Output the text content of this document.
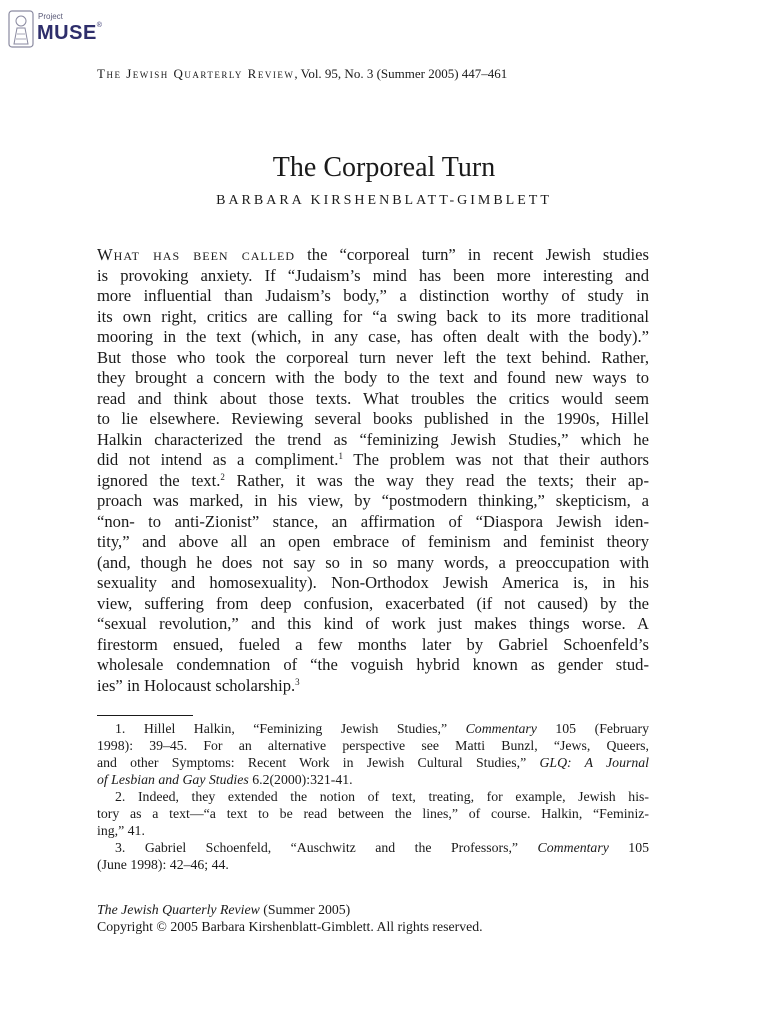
Project
MUSE®
The Jewish Quarterly Review, Vol. 95, No. 3 (Summer 2005) 447–461
The Corporeal Turn
BARBARA KIRSHENBLATT-GIMBLETT
What has been called the “corporeal turn” in recent Jewish studies
is provoking anxiety. If “Judaism’s mind has been more interesting and
more influential than Judaism’s body,” a distinction worthy of study in
its own right, critics are calling for “a swing back to its more traditional
mooring in the text (which, in any case, has often dealt with the body).”
But those who took the corporeal turn never left the text behind. Rather,
they brought a concern with the body to the text and found new ways to
read and think about those texts. What troubles the critics would seem
to lie elsewhere. Reviewing several books published in the 1990s, Hillel
Halkin characterized the trend as “feminizing Jewish Studies,” which he
did not intend as a compliment.$^1$ The problem was not that their authors
ignored the text.$^2$ Rather, it was the way they read the texts; their ap-
proach was marked, in his view, by “postmodern thinking,” skepticism, a
“non- to anti-Zionist” stance, an affirmation of “Diaspora Jewish iden-
tity,” and above all an open embrace of feminism and feminist theory
(and, though he does not say so in so many words, a preoccupation with
sexuality and homosexuality). Non-Orthodox Jewish America is, in his
view, suffering from deep confusion, exacerbated (if not caused) by the
“sexual revolution,” and this kind of work just makes things worse. A
firestorm ensued, fueled a few months later by Gabriel Schoenfeld’s
wholesale condemnation of “the voguish hybrid known as gender stud-
ies” in Holocaust scholarship.$^3$
1. Hillel Halkin, “Feminizing Jewish Studies,” Commentary 105 (February
1998): 39–45. For an alternative perspective see Matti Bunzl, “Jews, Queers,
and other Symptoms: Recent Work in Jewish Cultural Studies,” GLQ: A Journal
of Lesbian and Gay Studies 6.2(2000):321-41.
2. Indeed, they extended the notion of text, treating, for example, Jewish his-
tory as a text—“a text to be read between the lines,” of course. Halkin, “Feminiz-
ing,” 41.
3. Gabriel Schoenfeld, “Auschwitz and the Professors,” Commentary 105
(June 1998): 42–46; 44.
The Jewish Quarterly Review (Summer 2005)
Copyright © 2005 Barbara Kirshenblatt-Gimblett. All rights reserved.
